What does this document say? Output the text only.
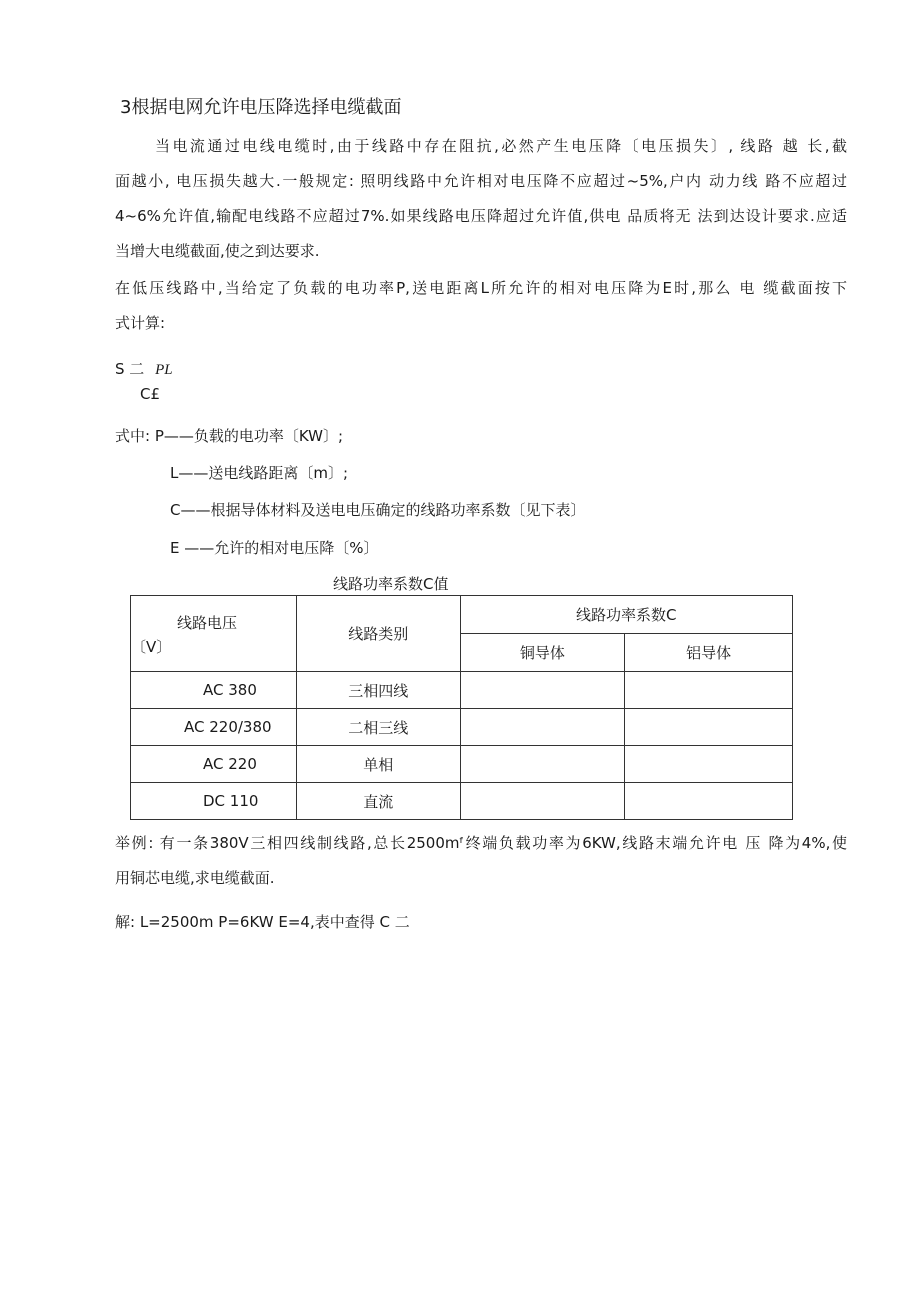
3根据电网允许电压降选择电缆截面
当电流通过电线电缆时,由于线路中存在阻抗,必然产生电压降〔电压损失〕, 线路 越 长,截
面越小, 电压损失越大.一般规定: 照明线路中允许相对电压降不应超过~5%,户内 动力线 路不应超过
4~6%允许值,输配电线路不应超过7%.如果线路电压降超过允许值,供电 品质将无 法到达设计要求.应适
当增大电缆截面,使之到达要求.
在低压线路中,当给定了负载的电功率P,送电距离L所允许的相对电压降为E时,那么 电 缆截面按下
式计算:
S 二 PL
C£
式中: P——负载的电功率〔KW〕;
L——送电线路距离〔m〕;
C——根据导体材料及送电电压确定的线路功率系数〔见下表〕
E ——允许的相对电压降〔%〕
线路功率系数C值
线路电压
〔V〕	线路类别	线路功率系数C	
		铜导体	铝导体
AC 380	三相四线		
AC 220/380	二相三线		
AC 220	单相		
DC 110	直流		
举例: 有一条380V三相四线制线路,总长2500mᶠ终端负载功率为6KW,线路末端允许电 压 降为4%,使
用铜芯电缆,求电缆截面.
解: L=2500m P=6KW E=4,表中查得 C 二
